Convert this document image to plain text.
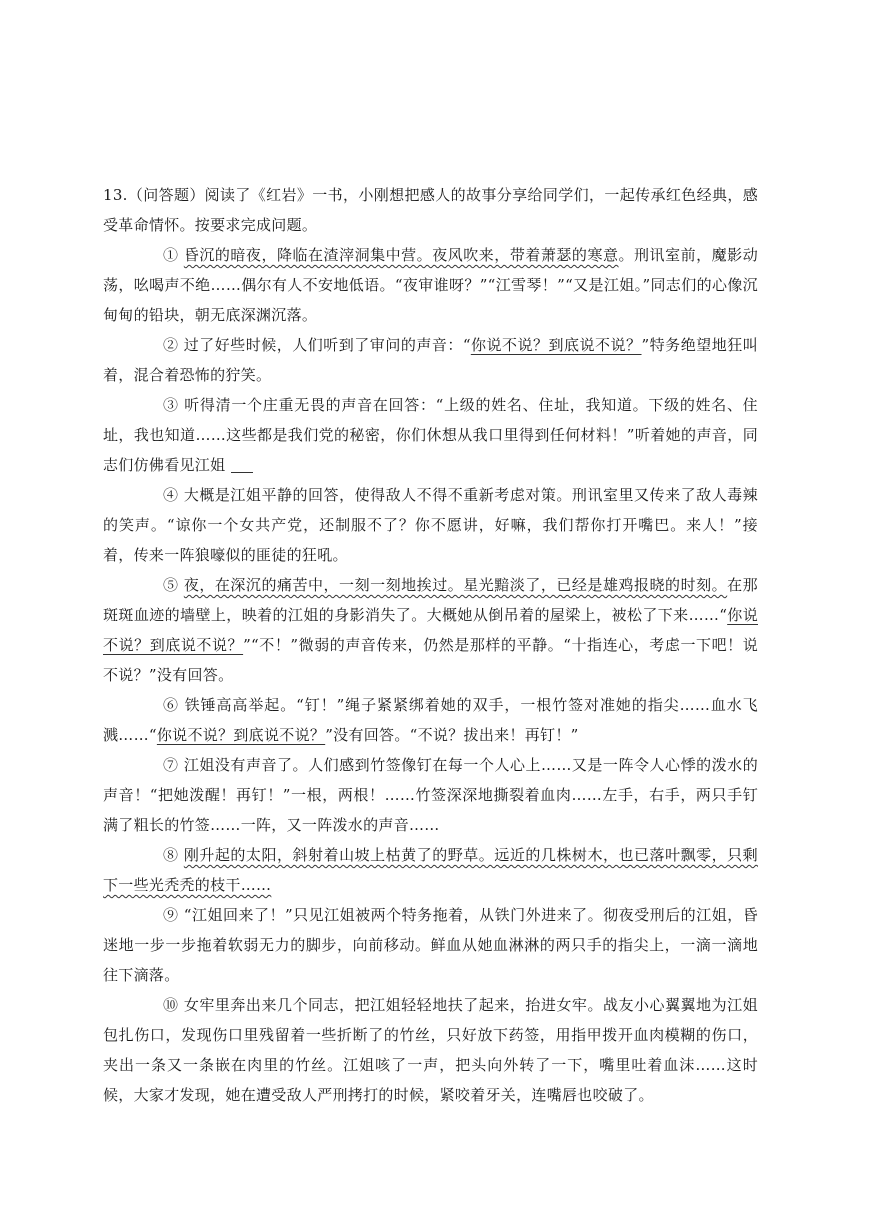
13.（问答题）阅读了《红岩》一书，小刚想把感人的故事分享给同学们，一起传承红色经典，感受革命情怀。按要求完成问题。

① 昏沉的暗夜，降临在渣滓洞集中营。夜风吹来，带着萧瑟的寒意。刑讯室前，魔影动荡，吆喝声不绝……偶尔有人不安地低语。“夜审谁呀？”“江雪琴！”“又是江姐。”同志们的心像沉甸甸的铅块，朝无底深渊沉落。

② 过了好些时候，人们听到了审问的声音：“你说不说？到底说不说？”特务绝望地狂叫着，混合着恐怖的狞笑。

③ 听得清一个庄重无畏的声音在回答：“上级的姓名、住址，我知道。下级的姓名、住址，我也知道……这些都是我们党的秘密，你们休想从我口里得到任何材料！”听着她的声音，同志们仿佛看见江姐

④ 大概是江姐平静的回答，使得敌人不得不重新考虑对策。刑讯室里又传来了敌人毒辣的笑声。“谅你一个女共产党，还制服不了？你不愿讲，好嘛，我们帮你打开嘴巴。来人！”接着，传来一阵狼嚎似的匪徒的狂吼。

⑤ 夜，在深沉的痛苦中，一刻一刻地挨过。星光黯淡了，已经是雄鸡报晓的时刻。在那斑斑血迹的墙壁上，映着的江姐的身影消失了。大概她从倒吊着的屋梁上，被松了下来……“你说不说？到底说不说？”“不！”微弱的声音传来，仍然是那样的平静。“十指连心，考虑一下吧！说不说？”没有回答。

⑥ 铁锤高高举起。“钉！”绳子紧紧绑着她的双手，一根竹签对准她的指尖……血水飞溅……“你说不说？到底说不说？”没有回答。“不说？拔出来！再钉！”

⑦ 江姐没有声音了。人们感到竹签像钉在每一个人心上……又是一阵令人心悸的泼水的声音！“把她泼醒！再钉！”一根，两根！……竹签深深地撕裂着血肉……左手，右手，两只手钉满了粗长的竹签……一阵，又一阵泼水的声音……

⑧ 刚升起的太阳，斜射着山坡上枯黄了的野草。远近的几株树木，也已落叶飘零，只剩下一些光秃秃的枝干……

⑨ “江姐回来了！”只见江姐被两个特务拖着，从铁门外进来了。彻夜受刑后的江姐，昏迷地一步一步拖着软弱无力的脚步，向前移动。鲜血从她血淋淋的两只手的指尖上，一滴一滴地往下滴落。

⑩ 女牢里奔出来几个同志，把江姐轻轻地扶了起来，抬进女牢。战友小心翼翼地为江姐包扎伤口，发现伤口里残留着一些折断了的竹丝，只好放下药签，用指甲拨开血肉模糊的伤口，夹出一条又一条嵌在肉里的竹丝。江姐咳了一声，把头向外转了一下，嘴里吐着血沫……这时候，大家才发现，她在遭受敌人严刑拷打的时候，紧咬着牙关，连嘴唇也咬破了。
